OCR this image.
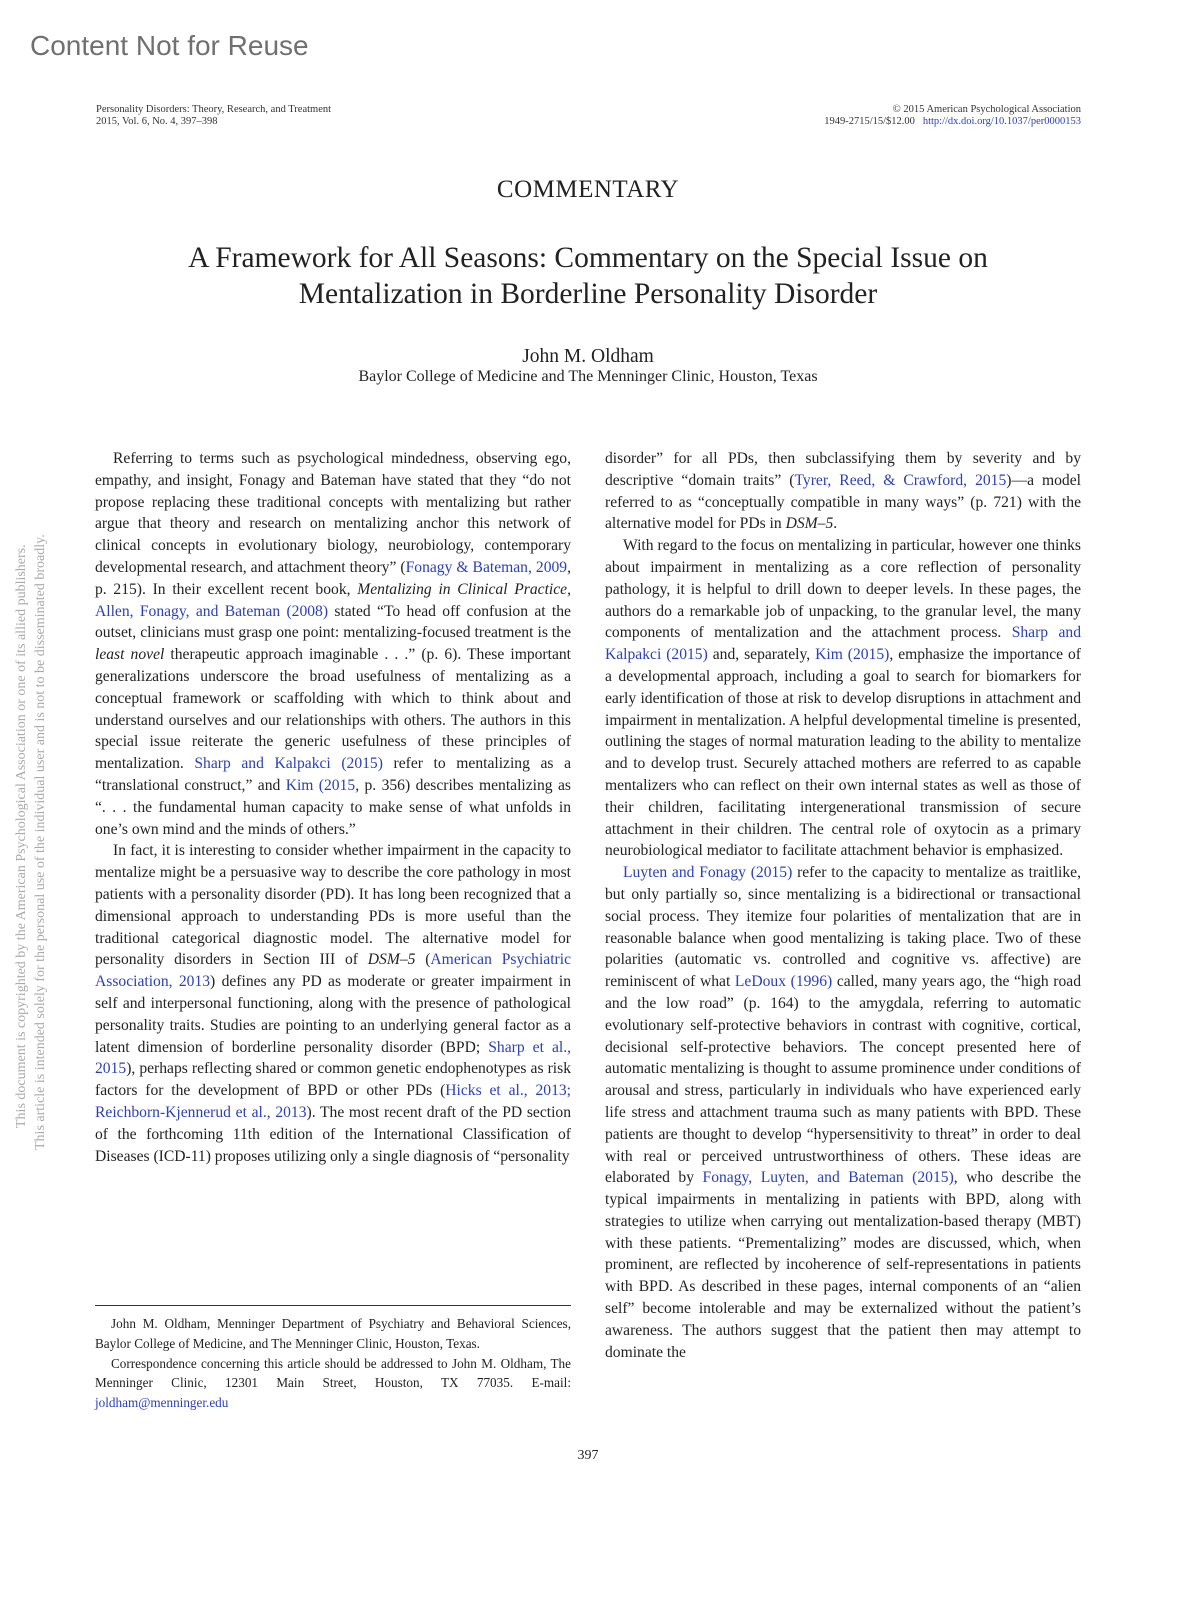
Content Not for Reuse
Personality Disorders: Theory, Research, and Treatment
2015, Vol. 6, No. 4, 397–398
© 2015 American Psychological Association
1949-2715/15/$12.00 http://dx.doi.org/10.1037/per0000153
COMMENTARY
A Framework for All Seasons: Commentary on the Special Issue on
Mentalization in Borderline Personality Disorder
John M. Oldham
Baylor College of Medicine and The Menninger Clinic, Houston, Texas
This document is copyrighted by the American Psychological Association or one of its allied publishers. This article is intended solely for the personal use of the individual user and is not to be disseminated broadly.

Referring to terms such as psychological mindedness, observing ego, empathy, and insight, Fonagy and Bateman have stated that they “do not propose replacing these traditional concepts with mentalizing but rather argue that theory and research on mentalizing anchor this network of clinical concepts in evolutionary biology, neurobiology, contemporary developmental research, and attachment theory” (Fonagy & Bateman, 2009, p. 215). In their excellent recent book, Mentalizing in Clinical Practice, Allen, Fonagy, and Bateman (2008) stated “To head off confusion at the outset, clinicians must grasp one point: mentalizing-focused treatment is the least novel therapeutic approach imaginable . . .” (p. 6). These important generalizations underscore the broad usefulness of mentalizing as a conceptual framework or scaffolding with which to think about and understand ourselves and our relationships with others. The authors in this special issue reiterate the generic usefulness of these principles of mentalization. Sharp and Kalpakci (2015) refer to mentalizing as a “translational construct,” and Kim (2015, p. 356) describes mentalizing as “. . . the fundamental human capacity to make sense of what unfolds in one’s own mind and the minds of others.”

In fact, it is interesting to consider whether impairment in the capacity to mentalize might be a persuasive way to describe the core pathology in most patients with a personality disorder (PD). It has long been recognized that a dimensional approach to understanding PDs is more useful than the traditional categorical diagnostic model. The alternative model for personality disorders in Section III of DSM–5 (American Psychiatric Association, 2013) defines any PD as moderate or greater impairment in self and interpersonal functioning, along with the presence of pathological personality traits. Studies are pointing to an underlying general factor as a latent dimension of borderline personality disorder (BPD; Sharp et al., 2015), perhaps reflecting shared or common genetic endophenotypes as risk factors for the development of BPD or other PDs (Hicks et al., 2013; Reichborn-Kjennerud et al., 2013). The most recent draft of the PD section of the forthcoming 11th edition of the International Classification of Diseases (ICD-11) proposes utilizing only a single diagnosis of “personality

disorder” for all PDs, then subclassifying them by severity and by descriptive “domain traits” (Tyrer, Reed, & Crawford, 2015)—a model referred to as “conceptually compatible in many ways” (p. 721) with the alternative model for PDs in DSM–5.

With regard to the focus on mentalizing in particular, however one thinks about impairment in mentalizing as a core reflection of personality pathology, it is helpful to drill down to deeper levels. In these pages, the authors do a remarkable job of unpacking, to the granular level, the many components of mentalization and the attachment process. Sharp and Kalpakci (2015) and, separately, Kim (2015), emphasize the importance of a developmental approach, including a goal to search for biomarkers for early identification of those at risk to develop disruptions in attachment and impairment in mentalization. A helpful developmental timeline is presented, outlining the stages of normal maturation leading to the ability to mentalize and to develop trust. Securely attached mothers are referred to as capable mentalizers who can reflect on their own internal states as well as those of their children, facilitating intergenerational transmission of secure attachment in their children. The central role of oxytocin as a primary neurobiological mediator to facilitate attachment behavior is emphasized.

Luyten and Fonagy (2015) refer to the capacity to mentalize as traitlike, but only partially so, since mentalizing is a bidirectional or transactional social process. They itemize four polarities of mentalization that are in reasonable balance when good mentalizing is taking place. Two of these polarities (automatic vs. controlled and cognitive vs. affective) are reminiscent of what LeDoux (1996) called, many years ago, the “high road and the low road” (p. 164) to the amygdala, referring to automatic evolutionary self-protective behaviors in contrast with cognitive, cortical, decisional self-protective behaviors. The concept presented here of automatic mentalizing is thought to assume prominence under conditions of arousal and stress, particularly in individuals who have experienced early life stress and attachment trauma such as many patients with BPD. These patients are thought to develop “hypersensitivity to threat” in order to deal with real or perceived untrustworthiness of others. These ideas are elaborated by Fonagy, Luyten, and Bateman (2015), who describe the typical impairments in mentalizing in patients with BPD, along with strategies to utilize when carrying out mentalization-based therapy (MBT) with these patients. “Prementalizing” modes are discussed, which, when prominent, are reflected by incoherence of self-representations in patients with BPD. As described in these pages, internal components of an “alien self” become intolerable and may be externalized without the patient’s awareness. The authors suggest that the patient then may attempt to dominate the

John M. Oldham, Menninger Department of Psychiatry and Behavioral Sciences, Baylor College of Medicine, and The Menninger Clinic, Houston, Texas.

Correspondence concerning this article should be addressed to John M. Oldham, The Menninger Clinic, 12301 Main Street, Houston, TX 77035. E-mail: joldham@menninger.edu

397
